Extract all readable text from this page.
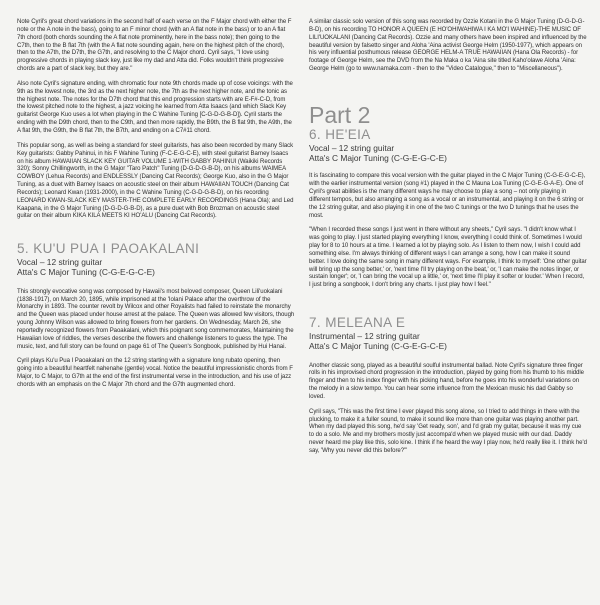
Note Cyril's great chord variations in the second half of each verse on the F Major chord with either the F note or the A note in the bass), going to an F minor chord (with an A flat note in the bass) or to an A flat 7th chord (both chords sounding the A flat note prominently, here in the bass note); then going to the C7th, then to the B flat 7th (with the A flat note sounding again, here on the highest pitch of the chord), then to the A7th, the D7th, the G7th, and resolving to the C Major chord. Cyril says, "I love using progressive chords in playing slack key, just like my dad and Atta did. Folks wouldn't think progressive chords are a part of slack key, but they are."

Also note Cyril's signature ending, with chromatic four note 9th chords made up of cose voicings: with the 9th as the lowest note, the 3rd as the next higher note, the 7th as the next higher note, and the tonic as the highest note. The notes for the D7th chord that this end progression starts with are E-F#-C-D, from the lowest pitched note to the highest, a jazz voicing he learned from Atta Isaacs (and which Slack Key guitarist George Kuo uses a lot when playing in the C Wahine Tuning [C-G-D-G-B-D]). Cyril starts the ending with the D9th chord, then to the C9th, and then more rapidly, the B9th, the B flat 9th, the A9th, the A flat 9th, the G9th, the B flat 7th, the B7th, and ending on a C7#11 chord.

This popular song, as well as being a standard for steel guitarists, has also been recorded by many Slack Key guitarists: Gabby Pahinui, in his F Wahine Tuning (F-C-E-G-C-E), with steel guitarist Barney Isaacs on his album HAWAIIAN SLACK KEY GUITAR VOLUME 1-WITH GABBY PAHINUI (Waikiki Records 320); Sonny Chillingworth, in the G Major "Taro Patch" Tuning (D-G-D-G-B-D), on his albums WAIMEA COWBOY (Lehua Records) and ENDLESSLY (Dancing Cat Records); George Kuo, also in the G Major Tuning, as a duet with Barney Isaacs on acoustic steel on their album HAWAIIAN TOUCH (Dancing Cat Records); Leonard Kwan (1931-2000), in the C Wahine Tuning (C-G-D-G-B-D), on his recording LEONARD KWAN-SLACK KEY MASTER-THE COMPLETE EARLY RECORDINGS (Hana Ola); and Led Kaapana, in the G Major Tuning (D-G-D-G-B-D), as a pure duet with Bob Brozman on acoustic steel guitar on their album KIKA KILA MEETS KI HO'ALU (Dancing Cat Records).

5. KU'U PUA I PAOAKALANI

Vocal – 12 string guitar

Atta's C Major Tuning (C-G-E-G-C-E)

This strongly evocative song was composed by Hawaii's most beloved composer, Queen Lili'uokalani (1838-1917), on March 20, 1895, while imprisoned at the 'Iolani Palace after the overthrow of the Monarchy in 1893. The counter revolt by Wilcox and other Royalists had failed to reinstate the monarchy and the Queen was placed under house arrest at the palace. The Queen was allowed few visitors, though young Johnny Wilson was allowed to bring flowers from her gardens. On Wednesday, March 26, she reportedly recognized flowers from Paoakalani, which this poignant song commemorates, Maintaining the Hawaiian love of riddles, the verses describe the flowers and challenge listeners to guess the type. The music, text, and full story can be found on page 61 of The Queen's Songbook, published by Hui Hanai.

Cyril plays Ku'u Pua I Paoakalani on the 12 string starting with a signature long rubato opening, then going into a beautiful heartfelt nahenahe (gentle) vocal. Notice the beautiful impressionistic chords from F Major, to C Major, to G7th at the end of the first instrumental verse in the introduction, and his use of jazz chords with an emphasis on the C Major 7th chord and the G7th augmented chord.

A similar classic solo version of this song was recorded by Ozzie Kotani in the G Major Tuning (D-G-D-G-B-D), on his recording TO HONOR A QUEEN (E HO'OHIWAHIWA I KA MO'I WAHINE)-THE MUSIC OF LILI'UOKALANI (Dancing Cat Records). Ozzie and many others have been inspired and influenced by the beautiful version by falsetto singer and Aloha 'Aina activist George Helm (1950-1977), which appears on his very influential posthumous release GEORGE HELM-A TRUE HAWAIIAN (Hana Ola Records) - for footage of George Helm, see the DVD from the Na Maka o ka 'Aina site titled Kaho'olawe Aloha 'Aina: George Helm (go to www.namaka.com - then to the "Video Catalogue," then to "Miscellaneous").

Part 2

6. HE'EIA

Vocal – 12 string guitar

Atta's C Major Tuning (C-G-E-G-C-E)

It is fascinating to compare this vocal version with the guitar played in the C Major Tuning (C-G-E-G-C-E), with the earlier instrumental version (song #1) played in the C Mauna Loa Tuning (C-G-E-G-A-E). One of Cyril's great abilities is the many different ways he may choose to play a song – not only playing in different tempos, but also arranging a song as a vocal or an instrumental, and playing it on the 6 string or the 12 string guitar, and also playing it in one of the two C tunings or the two D tunings that he uses the most.

"When I recorded these songs I just went in there without any sheets," Cyril says. "I didn't know what I was going to play. I just started playing everything I know, everything I could think of. Sometimes I would play for 8 to 10 hours at a time. I learned a lot by playing solo. As I listen to them now, I wish I could add something else. I'm always thinking of different ways I can arrange a song, how I can make it sound better. I love doing the same song in many different ways. For example, I think to myself: 'One other guitar will bring up the song better,' or, 'next time I'll try playing on the beat,' or, 'I can make the notes linger, or sustain longer'; or, 'I can bring the vocal up a little,' or, 'next time I'll play it softer or louder.' When I record, I just bring a songbook, I don't bring any charts. I just play how I feel."

7. MELEANA E

Instrumental – 12 string guitar

Atta's C Major Tuning (C-G-E-G-C-E)

Another classic song, played as a beautiful soulful instrumental ballad. Note Cyril's signature three finger rolls in his improvised chord progression in the introduction, played by going from his thumb to his middle finger and then to his index finger with his picking hand, before he goes into his wonderful variations on the melody in a slow tempo. You can hear some influence from the Mexican music his dad Gabby so loved.

Cyril says, "This was the first time I ever played this song alone, so I tried to add things in there with the plucking, to make it a fuller sound, to make it sound like more than one guitar was playing another part. When my dad played this song, he'd say 'Get ready, son', and I'd grab my guitar, because it was my cue to do a solo. Me and my brothers mostly just accompa'd when we played music with our dad. Daddy never heard me play like this, solo kine. I think if he heard the way I play now, he'd really like it. I think he'd say, 'Why you never did this before?'"
